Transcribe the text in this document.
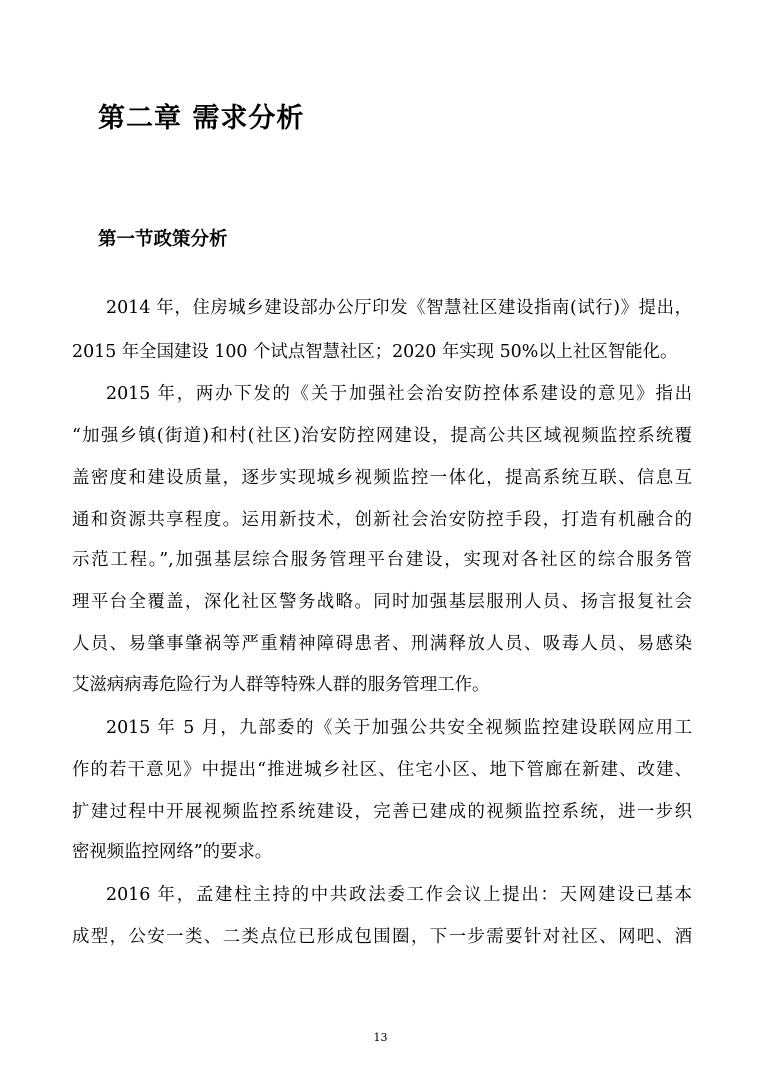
第二章 需求分析
第一节政策分析

2014 年，住房城乡建设部办公厅印发《智慧社区建设指南(试行)》提出，

2015 年全国建设 100 个试点智慧社区；2020 年实现 50%以上社区智能化。

2015 年，两办下发的《关于加强社会治安防控体系建设的意见》指出

“加强乡镇(街道)和村(社区)治安防控网建设，提高公共区域视频监控系统覆

盖密度和建设质量，逐步实现城乡视频监控一体化，提高系统互联、信息互

通和资源共享程度。运用新技术，创新社会治安防控手段，打造有机融合的

示范工程。”,加强基层综合服务管理平台建设，实现对各社区的综合服务管

理平台全覆盖，深化社区警务战略。同时加强基层服刑人员、扬言报复社会

人员、易肇事肇祸等严重精神障碍患者、刑满释放人员、吸毒人员、易感染

艾滋病病毒危险行为人群等特殊人群的服务管理工作。

2015 年 5 月，九部委的《关于加强公共安全视频监控建设联网应用工

作的若干意见》中提出“推进城乡社区、住宅小区、地下管廊在新建、改建、

扩建过程中开展视频监控系统建设，完善已建成的视频监控系统，进一步织

密视频监控网络”的要求。

2016 年，孟建柱主持的中共政法委工作会议上提出：天网建设已基本

成型，公安一类、二类点位已形成包围圈，下一步需要针对社区、网吧、酒

13
